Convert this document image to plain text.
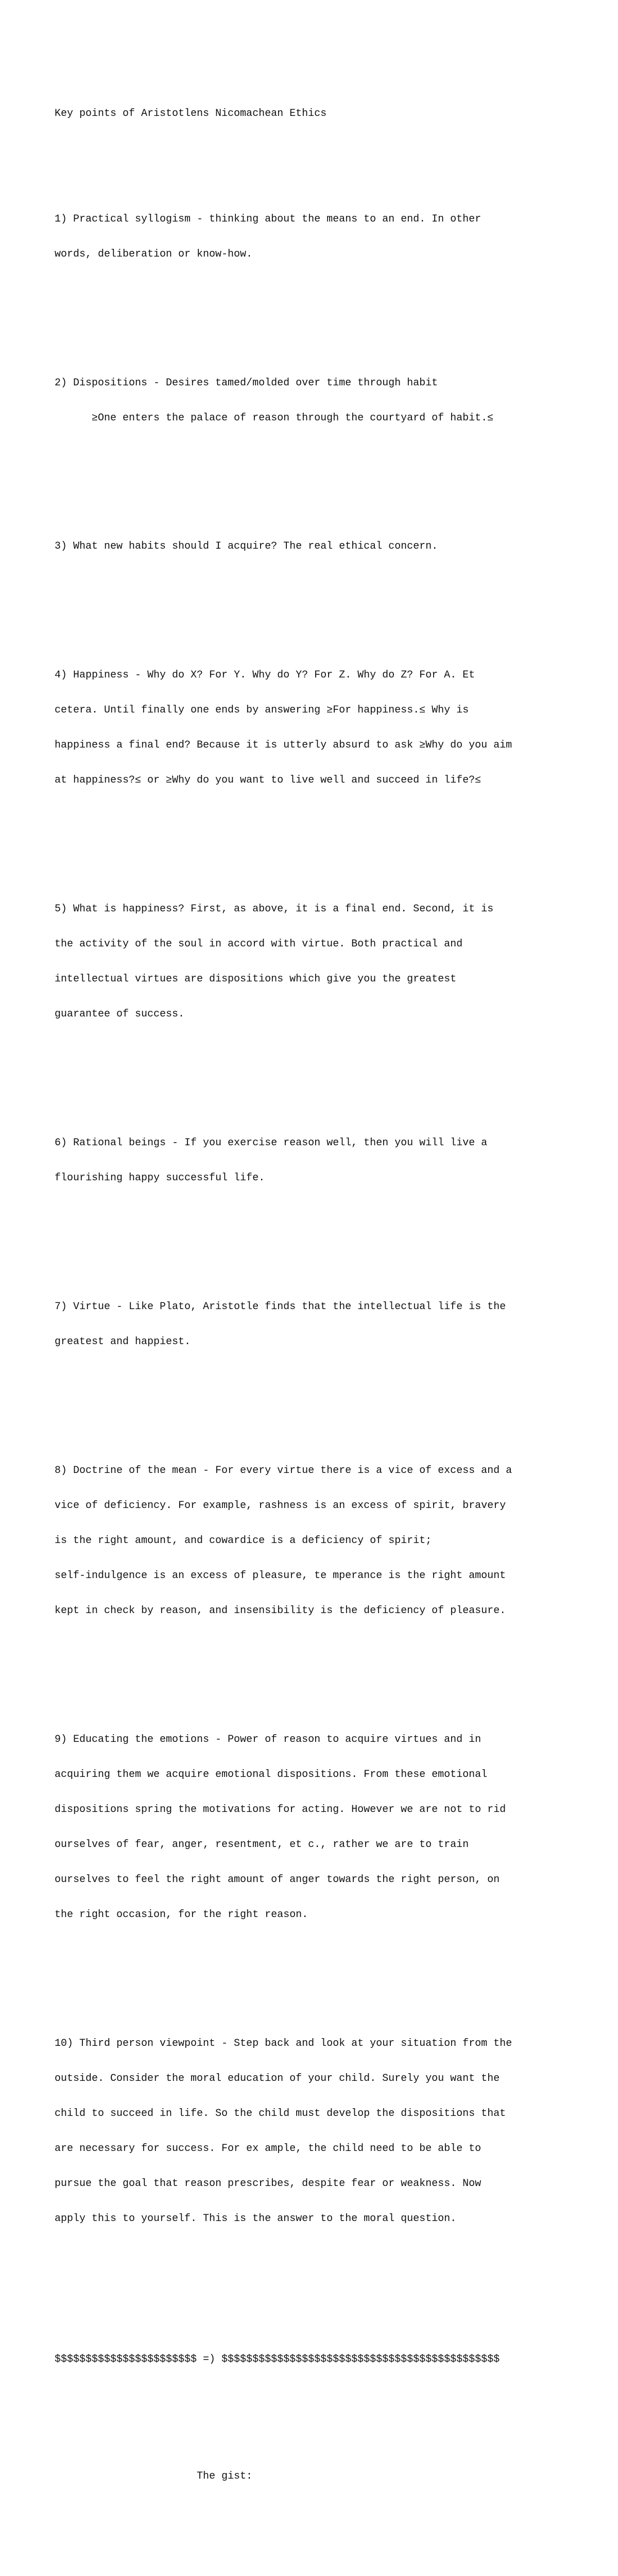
Key points of Aristotlens Nicomachean Ethics

1) Practical syllogism - thinking about the means to an end. In other

words, deliberation or know-how.

2) Dispositions - Desires tamed/molded over time through habit

≥One enters the palace of reason through the courtyard of habit.≤

3) What new habits should I acquire? The real ethical concern.

4) Happiness - Why do X? For Y. Why do Y? For Z. Why do Z? For A. Et

cetera. Until finally one ends by answering ≥For happiness.≤ Why is

happiness a final end? Because it is utterly absurd to ask ≥Why do you aim

at happiness?≤ or ≥Why do you want to live well and succeed in life?≤

5) What is happiness? First, as above, it is a final end. Second, it is

the activity of the soul in accord with virtue. Both practical and

intellectual virtues are dispositions which give you the greatest

guarantee of success.

6) Rational beings - If you exercise reason well, then you will live a

flourishing happy successful life.

7) Virtue - Like Plato, Aristotle finds that the intellectual life is the

greatest and happiest.

8) Doctrine of the mean - For every virtue there is a vice of excess and a

vice of deficiency. For example, rashness is an excess of spirit, bravery

is the right amount, and cowardice is a deficiency of spirit;

self-indulgence is an excess of pleasure, te mperance is the right amount

kept in check by reason, and insensibility is the deficiency of pleasure.

9) Educating the emotions - Power of reason to acquire virtues and in

acquiring them we acquire emotional dispositions. From these emotional

dispositions spring the motivations for acting. However we are not to rid

ourselves of fear, anger, resentment, et c., rather we are to train

ourselves to feel the right amount of anger towards the right person, on

the right occasion, for the right reason.

10) Third person viewpoint - Step back and look at your situation from the

outside. Consider the moral education of your child. Surely you want the

child to succeed in life. So the child must develop the dispositions that

are necessary for success. For ex ample, the child need to be able to

pursue the goal that reason prescribes, despite fear or weakness. Now

apply this to yourself. This is the answer to the moral question.

$$$$$$$$$$$$$$$$$$$$$$$ =) $$$$$$$$$$$$$$$$$$$$$$$$$$$$$$$$$$$$$$$$$$$$$

The gist:
